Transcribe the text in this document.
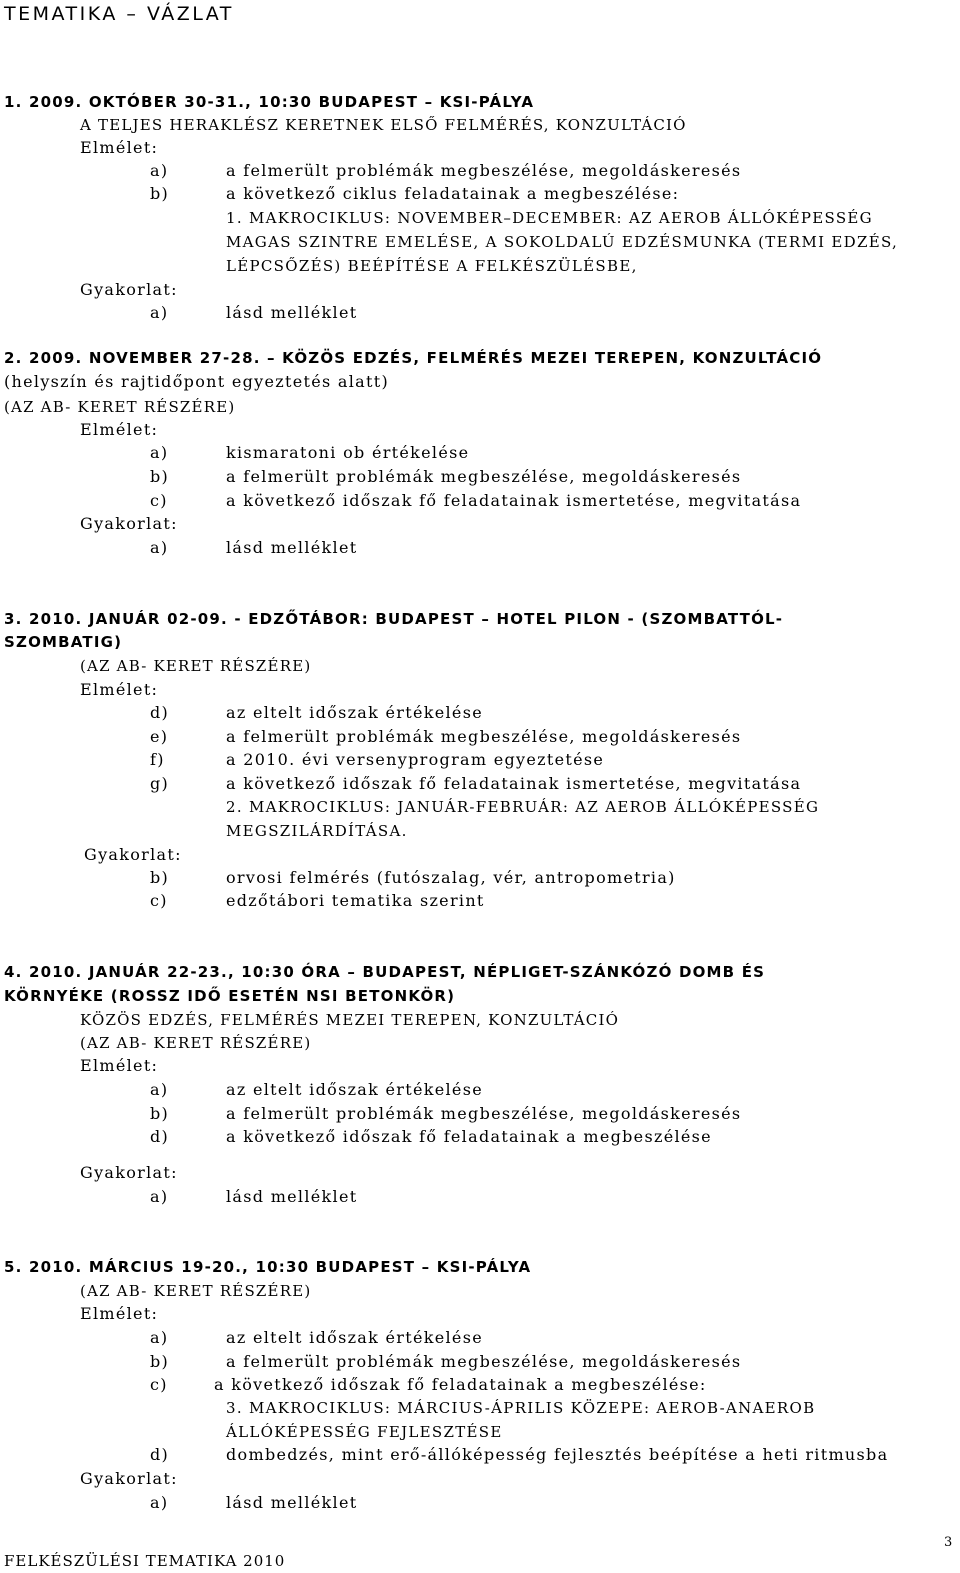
TEMATIKA – VÁZLAT
1. 2009. OKTÓBER 30-31., 10:30 BUDAPEST – KSI-PÁLYA
A TELJES HERAKLÉSZ KERETNEK ELSŐ FELMÉRÉS, KONZULTÁCIÓ
Elmélet:
a)	a felmerült problémák megbeszélése, megoldáskeresés
b)	a következő ciklus feladatainak a megbeszélése:
1. MAKROCIKLUS: NOVEMBER–DECEMBER: AZ AEROB ÁLLÓKÉPESSÉG
MAGAS SZINTRE EMELÉSE, A SOKOLDALÚ EDZÉSMUNKA (TERMI EDZÉS,
LÉPCSŐZÉS) BEÉPÍTÉSE A FELKÉSZÜLÉSBE,
Gyakorlat:
a)	lásd melléklet
2. 2009. NOVEMBER 27-28. – KÖZÖS EDZÉS, FELMÉRÉS MEZEI TEREPEN, KONZULTÁCIÓ
(helyszín és rajtidőpont egyeztetés alatt)
(AZ AB- KERET RÉSZÉRE)
Elmélet:
a)	kismaratoni ob értékelése
b)	a felmerült problémák megbeszélése, megoldáskeresés
c)	a következő időszak fő feladatainak ismertetése, megvitatása
Gyakorlat:
a)	lásd melléklet
3. 2010. JANUÁR 02-09. - EDZŐTÁBOR: BUDAPEST – HOTEL PILON - (SZOMBATTÓL-
SZOMBATIG)
(AZ AB- KERET RÉSZÉRE)
Elmélet:
d)	az eltelt időszak értékelése
e)	a felmerült problémák megbeszélése, megoldáskeresés
f)	a 2010. évi versenyprogram egyeztetése
g)	a következő időszak fő feladatainak ismertetése, megvitatása
2. MAKROCIKLUS: JANUÁR-FEBRUÁR: AZ AEROB ÁLLÓKÉPESSÉG
MEGSZILÁRDÍTÁSA.
Gyakorlat:
b)	orvosi felmérés (futószalag, vér, antropometria)
c)	edzőtábori tematika szerint
4. 2010. JANUÁR 22-23., 10:30 ÓRA – BUDAPEST, NÉPLIGET-SZÁNKÓZÓ DOMB ÉS
KÖRNYÉKE (ROSSZ IDŐ ESETÉN NSI BETONKÖR)
KÖZÖS EDZÉS, FELMÉRÉS MEZEI TEREPEN, KONZULTÁCIÓ
(AZ AB- KERET RÉSZÉRE)
Elmélet:
a)	az eltelt időszak értékelése
b)	a felmerült problémák megbeszélése, megoldáskeresés
d)	a következő időszak fő feladatainak a megbeszélése
Gyakorlat:
a)	lásd melléklet
5. 2010. MÁRCIUS 19-20., 10:30 BUDAPEST – KSI-PÁLYA
(AZ AB- KERET RÉSZÉRE)
Elmélet:
a)	az eltelt időszak értékelése
b)	a felmerült problémák megbeszélése, megoldáskeresés
c)	a következő időszak fő feladatainak a megbeszélése:
3. MAKROCIKLUS: MÁRCIUS-ÁPRILIS KÖZEPE: AEROB-ANAEROB
ÁLLÓKÉPESSÉG FEJLESZTÉSE
d)	dombedzés, mint erő-állóképesség fejlesztés beépítése a heti ritmusba
Gyakorlat:
a)	lásd melléklet
3
FELKÉSZÜLÉSI TEMATIKA 2010
